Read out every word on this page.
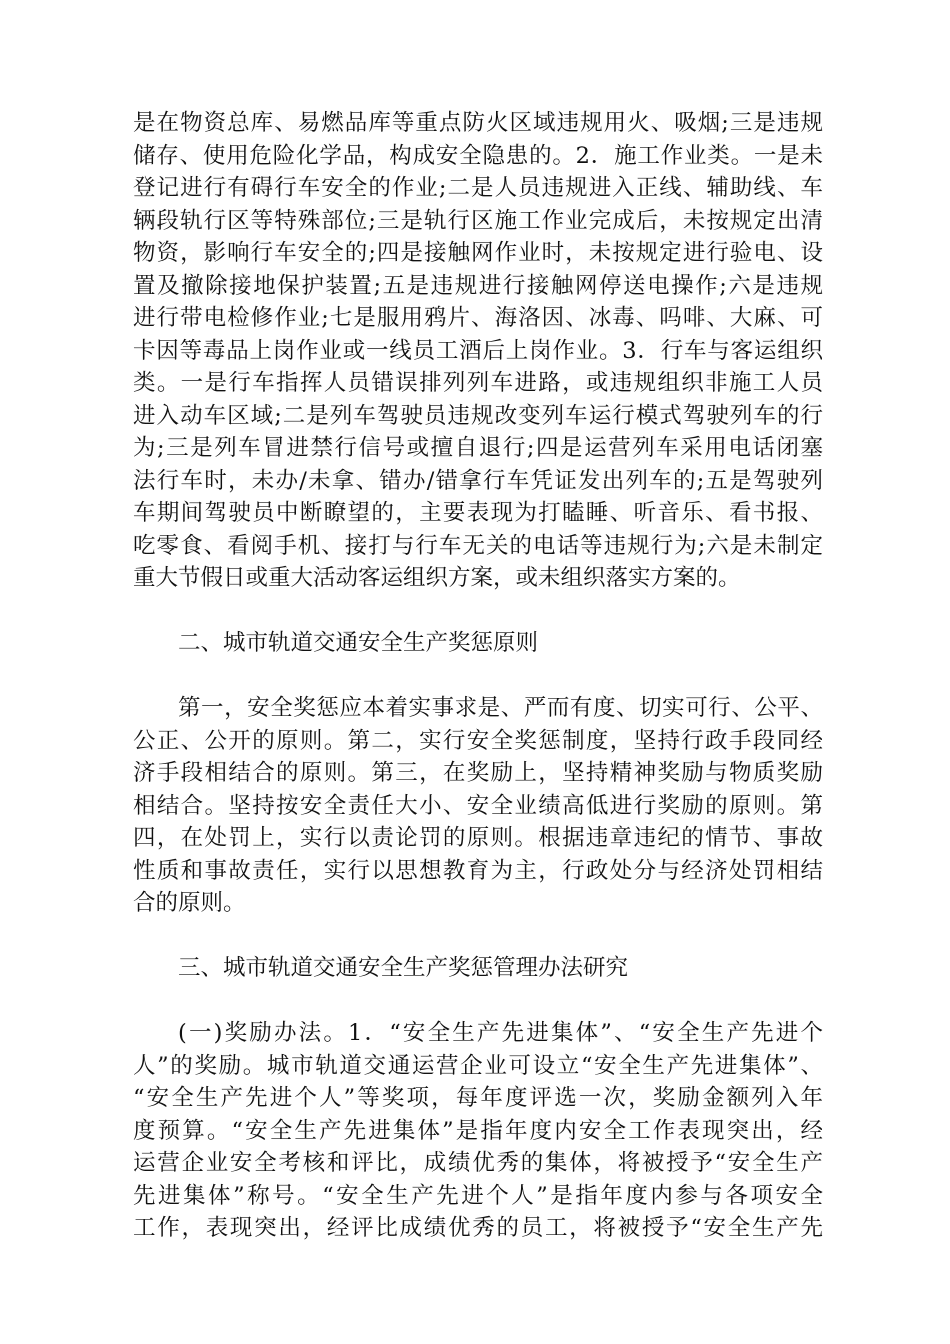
是在物资总库、易燃品库等重点防火区域违规用火、吸烟;三是违规
储存、使用危险化学品，构成安全隐患的。2．施工作业类。一是未
登记进行有碍行车安全的作业;二是人员违规进入正线、辅助线、车
辆段轨行区等特殊部位;三是轨行区施工作业完成后，未按规定出清
物资，影响行车安全的;四是接触网作业时，未按规定进行验电、设
置及撤除接地保护装置;五是违规进行接触网停送电操作;六是违规
进行带电检修作业;七是服用鸦片、海洛因、冰毒、吗啡、大麻、可
卡因等毒品上岗作业或一线员工酒后上岗作业。3．行车与客运组织
类。一是行车指挥人员错误排列列车进路，或违规组织非施工人员
进入动车区域;二是列车驾驶员违规改变列车运行模式驾驶列车的行
为;三是列车冒进禁行信号或擅自退行;四是运营列车采用电话闭塞
法行车时，未办/未拿、错办/错拿行车凭证发出列车的;五是驾驶列
车期间驾驶员中断瞭望的，主要表现为打瞌睡、听音乐、看书报、
吃零食、看阅手机、接打与行车无关的电话等违规行为;六是未制定
重大节假日或重大活动客运组织方案，或未组织落实方案的。
二、城市轨道交通安全生产奖惩原则
第一，安全奖惩应本着实事求是、严而有度、切实可行、公平、
公正、公开的原则。第二，实行安全奖惩制度，坚持行政手段同经
济手段相结合的原则。第三，在奖励上，坚持精神奖励与物质奖励
相结合。坚持按安全责任大小、安全业绩高低进行奖励的原则。第
四，在处罚上，实行以责论罚的原则。根据违章违纪的情节、事故
性质和事故责任，实行以思想教育为主，行政处分与经济处罚相结
合的原则。
三、城市轨道交通安全生产奖惩管理办法研究
(一)奖励办法。1．“安全生产先进集体”、“安全生产先进个
人”的奖励。城市轨道交通运营企业可设立“安全生产先进集体”、
“安全生产先进个人”等奖项，每年度评选一次，奖励金额列入年
度预算。“安全生产先进集体”是指年度内安全工作表现突出，经
运营企业安全考核和评比，成绩优秀的集体，将被授予“安全生产
先进集体”称号。“安全生产先进个人”是指年度内参与各项安全
工作，表现突出，经评比成绩优秀的员工，将被授予“安全生产先
